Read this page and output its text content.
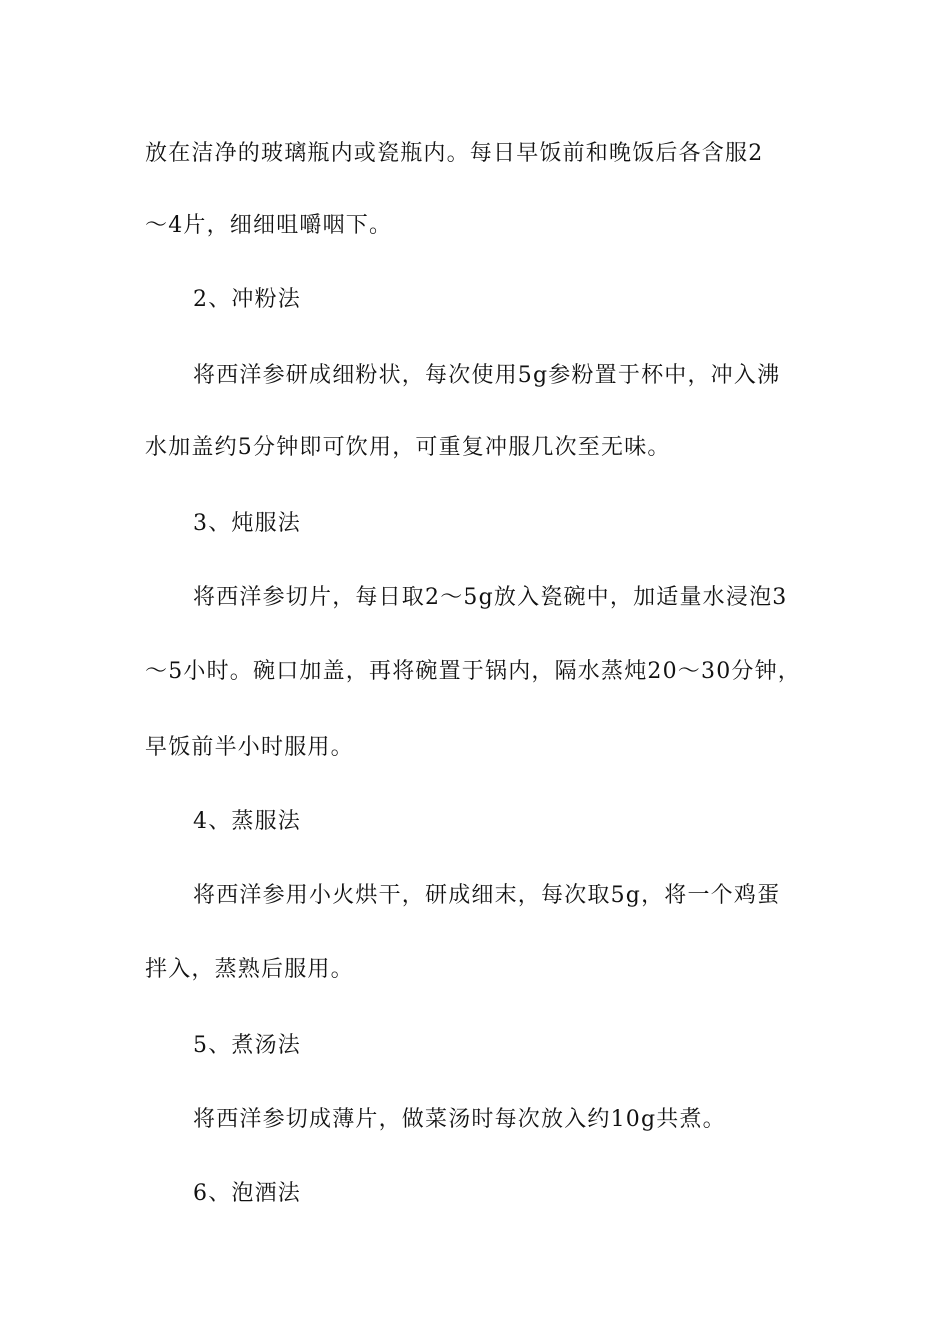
放在洁净的玻璃瓶内或瓷瓶内。每日早饭前和晚饭后各含服2
～4片，细细咀嚼咽下。
2、冲粉法
将西洋参研成细粉状，每次使用5g参粉置于杯中，冲入沸
水加盖约5分钟即可饮用，可重复冲服几次至无味。
3、炖服法
将西洋参切片，每日取2～5g放入瓷碗中，加适量水浸泡3
～5小时。碗口加盖，再将碗置于锅内，隔水蒸炖20～30分钟，
早饭前半小时服用。
4、蒸服法
将西洋参用小火烘干，研成细末，每次取5g，将一个鸡蛋
拌入，蒸熟后服用。
5、煮汤法
将西洋参切成薄片，做菜汤时每次放入约10g共煮。
6、泡酒法
